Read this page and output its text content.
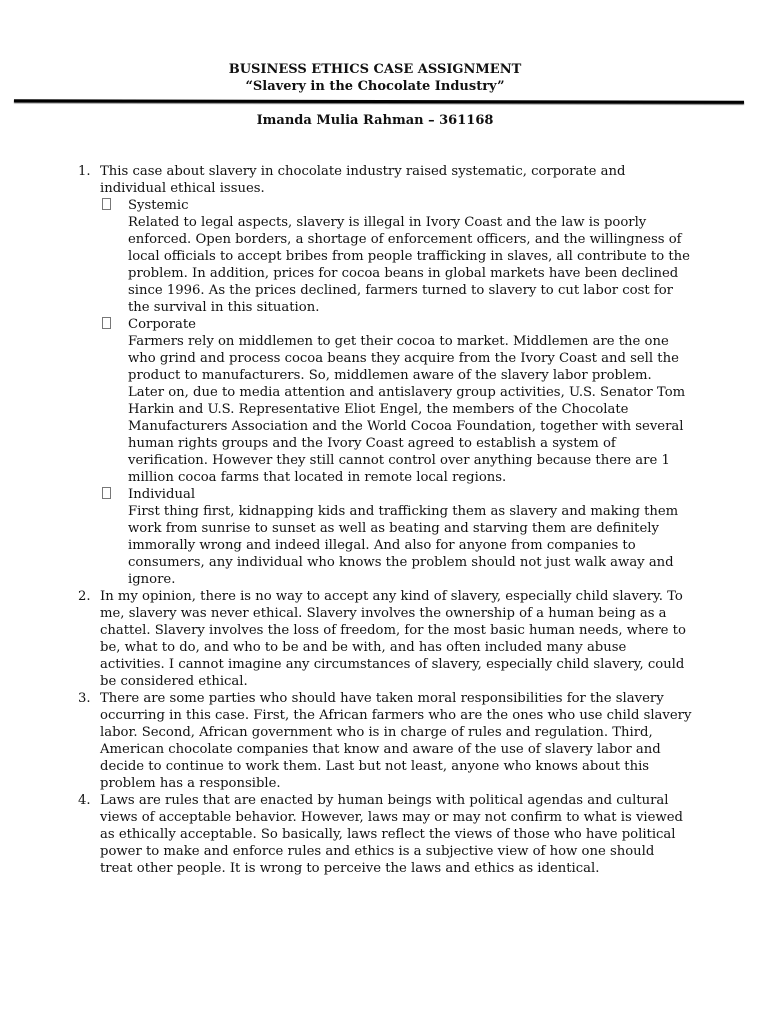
BUSINESS ETHICS CASE ASSIGNMENT
“Slavery in the Chocolate Industry”
Imanda Mulia Rahman – 361168
1. This case about slavery in chocolate industry raised systematic, corporate and
individual ethical issues.
Systemic
Related to legal aspects, slavery is illegal in Ivory Coast and the law is poorly
enforced. Open borders, a shortage of enforcement officers, and the willingness of
local officials to accept bribes from people trafficking in slaves, all contribute to the
problem. In addition, prices for cocoa beans in global markets have been declined
since 1996. As the prices declined, farmers turned to slavery to cut labor cost for
the survival in this situation.
Corporate
Farmers rely on middlemen to get their cocoa to market. Middlemen are the one
who grind and process cocoa beans they acquire from the Ivory Coast and sell the
product to manufacturers. So, middlemen aware of the slavery labor problem.
Later on, due to media attention and antislavery group activities, U.S. Senator Tom
Harkin and U.S. Representative Eliot Engel, the members of the Chocolate
Manufacturers Association and the World Cocoa Foundation, together with several
human rights groups and the Ivory Coast agreed to establish a system of
verification. However they still cannot control over anything because there are 1
million cocoa farms that located in remote local regions.
Individual
First thing first, kidnapping kids and trafficking them as slavery and making them
work from sunrise to sunset as well as beating and starving them are definitely
immorally wrong and indeed illegal. And also for anyone from companies to
consumers, any individual who knows the problem should not just walk away and
ignore.
2. In my opinion, there is no way to accept any kind of slavery, especially child slavery. To
me, slavery was never ethical. Slavery involves the ownership of a human being as a
chattel. Slavery involves the loss of freedom, for the most basic human needs, where to
be, what to do, and who to be and be with, and has often included many abuse
activities. I cannot imagine any circumstances of slavery, especially child slavery, could
be considered ethical.
3. There are some parties who should have taken moral responsibilities for the slavery
occurring in this case. First, the African farmers who are the ones who use child slavery
labor. Second, African government who is in charge of rules and regulation. Third,
American chocolate companies that know and aware of the use of slavery labor and
decide to continue to work them. Last but not least, anyone who knows about this
problem has a responsible.
4. Laws are rules that are enacted by human beings with political agendas and cultural
views of acceptable behavior. However, laws may or may not confirm to what is viewed
as ethically acceptable. So basically, laws reflect the views of those who have political
power to make and enforce rules and ethics is a subjective view of how one should
treat other people. It is wrong to perceive the laws and ethics as identical.
